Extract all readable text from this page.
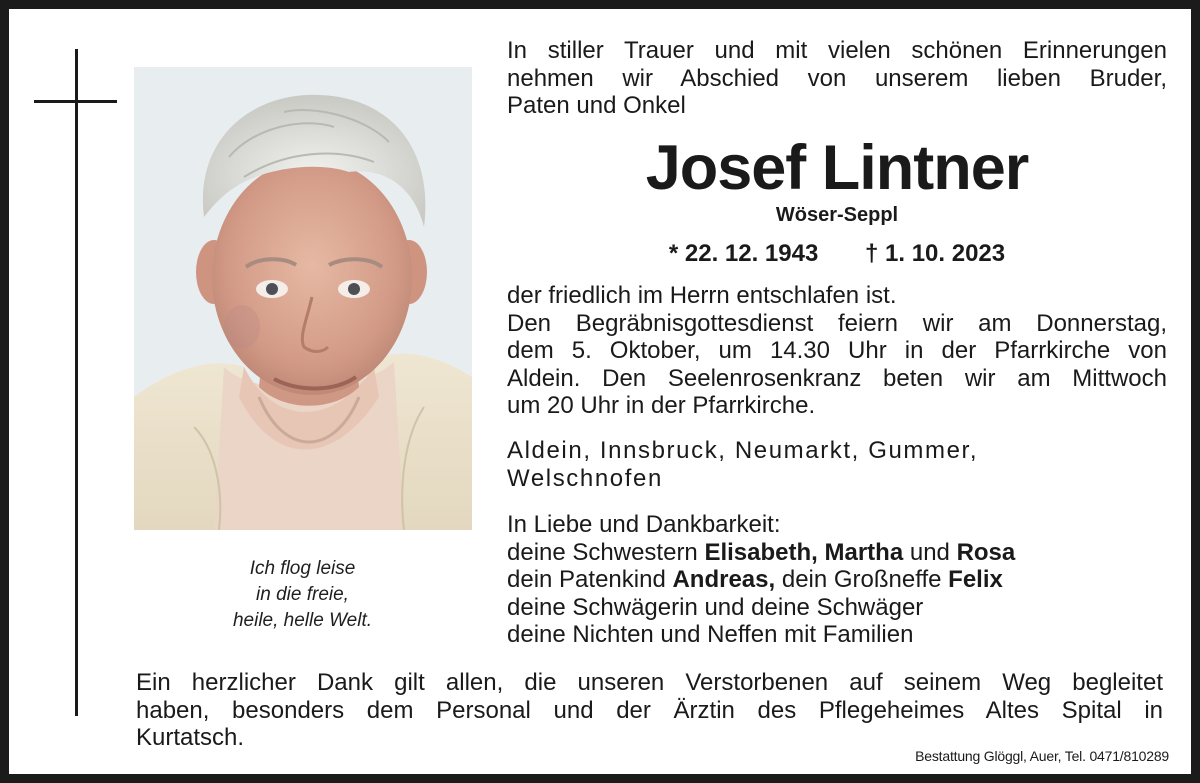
Ich flog leise
in die freie,
heile, helle Welt.
In stiller Trauer und mit vielen schönen Erinnerungen
nehmen wir Abschied von unserem lieben Bruder,
Paten und Onkel
Josef Lintner
Wöser-Seppl
* 22. 12. 1943 † 1. 10. 2023
der friedlich im Herrn entschlafen ist.
Den Begräbnisgottesdienst feiern wir am Donnerstag,
dem 5. Oktober, um 14.30 Uhr in der Pfarrkirche von
Aldein. Den Seelenrosenkranz beten wir am Mittwoch
um 20 Uhr in der Pfarrkirche.
Aldein, Innsbruck, Neumarkt, Gummer,
Welschnofen
In Liebe und Dankbarkeit:
deine Schwestern Elisabeth, Martha und Rosa
dein Patenkind Andreas, dein Großneffe Felix
deine Schwägerin und deine Schwäger
deine Nichten und Neffen mit Familien
Ein herzlicher Dank gilt allen, die unseren Verstorbenen auf seinem Weg begleitet
haben, besonders dem Personal und der Ärztin des Pflegeheimes Altes Spital in
Kurtatsch.
Bestattung Glöggl, Auer, Tel. 0471/810289
